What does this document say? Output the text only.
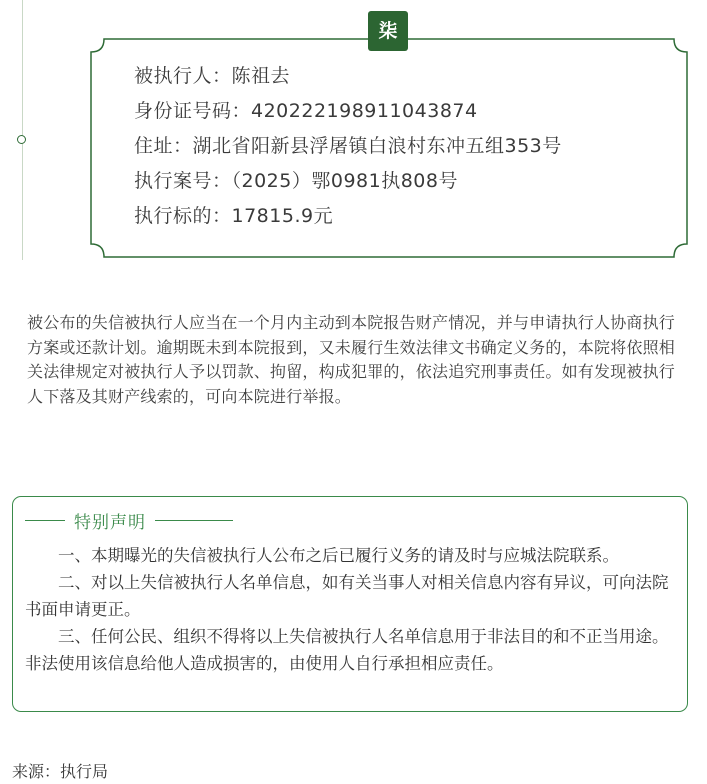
柒
被执行人：陈祖去
身份证号码：420222198911043874
住址：湖北省阳新县浮屠镇白浪村东冲五组353号
执行案号：（2025）鄂0981执808号
执行标的：17815.9元
被公布的失信被执行人应当在一个月内主动到本院报告财产情况，并与申请执行人协商执行方案或还款计划。逾期既未到本院报到，又未履行生效法律文书确定义务的，本院将依照相关法律规定对被执行人予以罚款、拘留，构成犯罪的，依法追究刑事责任。如有发现被执行人下落及其财产线索的，可向本院进行举报。
特别声明
一、本期曝光的失信被执行人公布之后已履行义务的请及时与应城法院联系。
二、对以上失信被执行人名单信息，如有关当事人对相关信息内容有异议，可向法院书面申请更正。
三、任何公民、组织不得将以上失信被执行人名单信息用于非法目的和不正当用途。非法使用该信息给他人造成损害的，由使用人自行承担相应责任。
来源：执行局
